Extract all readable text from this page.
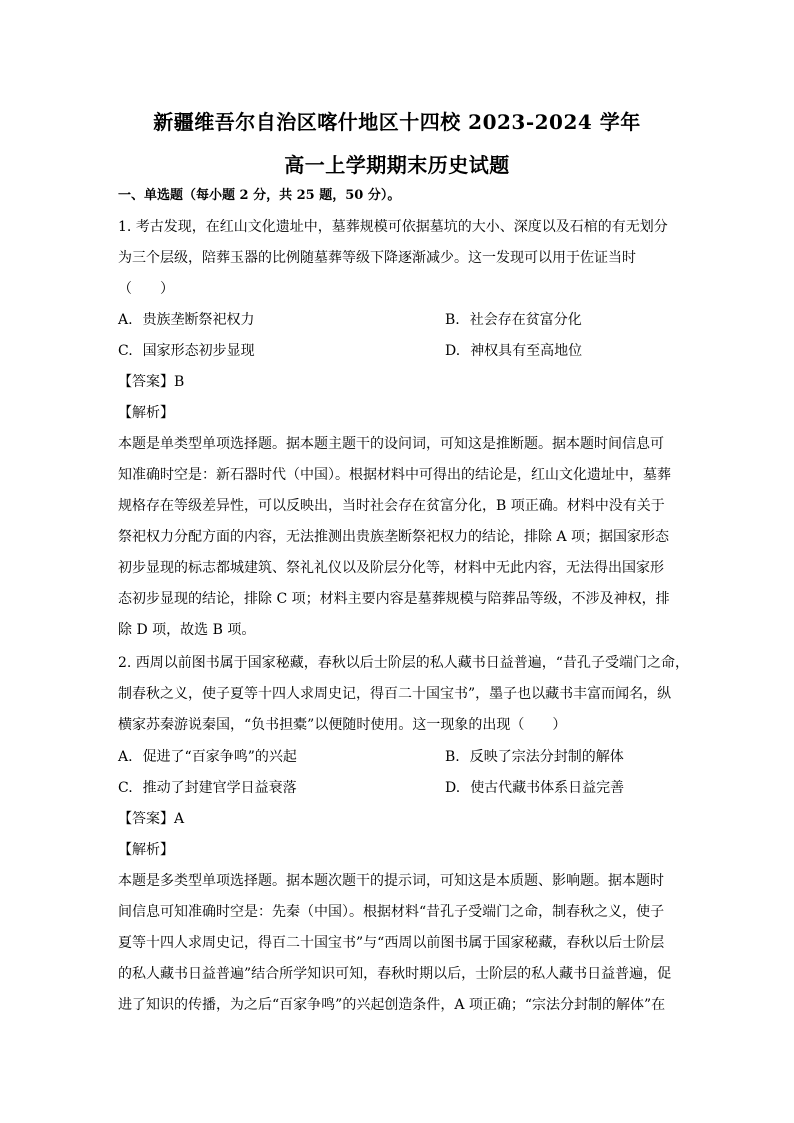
新疆维吾尔自治区喀什地区十四校 2023-2024 学年
高一上学期期末历史试题
一、单选题（每小题 2 分，共 25 题，50 分）。
1. 考古发现，在红山文化遗址中，墓葬规模可依据墓坑的大小、深度以及石棺的有无划分
为三个层级，陪葬玉器的比例随墓葬等级下降逐渐减少。这一发现可以用于佐证当时
（　　）
A. 贵族垄断祭祀权力	B. 社会存在贫富分化
C. 国家形态初步显现	D. 神权具有至高地位
【答案】B
【解析】
本题是单类型单项选择题。据本题主题干的设问词，可知这是推断题。据本题时间信息可
知准确时空是：新石器时代（中国）。根据材料中可得出的结论是，红山文化遗址中，墓葬
规格存在等级差异性，可以反映出，当时社会存在贫富分化，B 项正确。材料中没有关于
祭祀权力分配方面的内容，无法推测出贵族垄断祭祀权力的结论，排除 A 项；据国家形态
初步显现的标志都城建筑、祭礼礼仪以及阶层分化等，材料中无此内容，无法得出国家形
态初步显现的结论，排除 C 项；材料主要内容是墓葬规模与陪葬品等级，不涉及神权，排
除 D 项，故选 B 项。
2. 西周以前图书属于国家秘藏，春秋以后士阶层的私人藏书日益普遍，“昔孔子受端门之命，
制春秋之义，使子夏等十四人求周史记，得百二十国宝书”，墨子也以藏书丰富而闻名，纵
横家苏秦游说秦国，“负书担橐”以便随时使用。这一现象的出现（　　）
A. 促进了“百家争鸣”的兴起	B. 反映了宗法分封制的解体
C. 推动了封建官学日益衰落	D. 使古代藏书体系日益完善
【答案】A
【解析】
本题是多类型单项选择题。据本题次题干的提示词，可知这是本质题、影响题。据本题时
间信息可知准确时空是：先秦（中国）。根据材料“昔孔子受端门之命，制春秋之义，使子
夏等十四人求周史记，得百二十国宝书”与“西周以前图书属于国家秘藏，春秋以后士阶层
的私人藏书日益普遍”结合所学知识可知，春秋时期以后，士阶层的私人藏书日益普遍，促
进了知识的传播，为之后“百家争鸣”的兴起创造条件，A 项正确；“宗法分封制的解体”在
